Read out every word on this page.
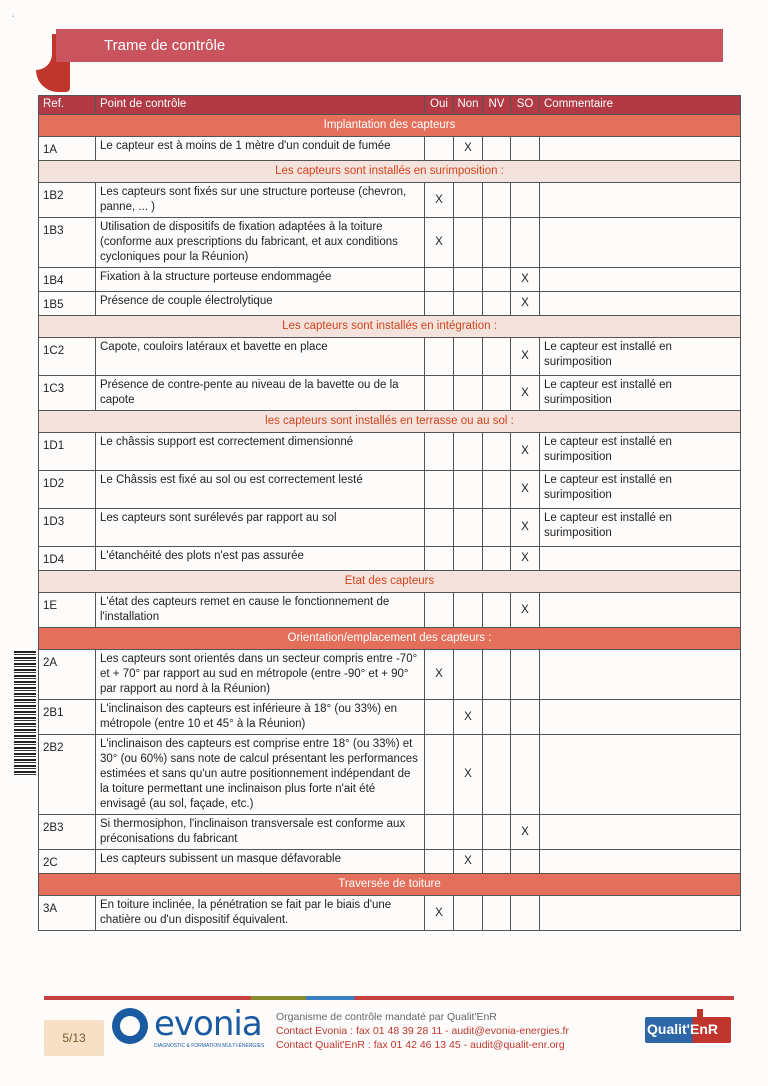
ʻ
Trame de contrôle
Ref.	Point de contrôle	Oui	Non	NV	SO	Commentaire
Implantation des capteurs						
1A	Le capteur est à moins de 1 mètre d'un conduit de fumée		X			
Les capteurs sont installés en surimposition :						
1B2	Les capteurs sont fixés sur une structure porteuse (chevron, panne, ... )	X				
1B3	Utilisation de dispositifs de fixation adaptées à la toiture (conforme aux prescriptions du fabricant, et aux conditions cycloniques pour la Réunion)	X				
1B4	Fixation à la structure porteuse endommagée				X	
1B5	Présence de couple électrolytique				X	
Les capteurs sont installés en intégration :						
1C2	Capote, couloirs latéraux et bavette en place				X	Le capteur est installé en surimposition
1C3	Présence de contre-pente au niveau de la bavette ou de la capote				X	Le capteur est installé en surimposition
les capteurs sont installés en terrasse ou au sol :						
1D1	Le châssis support est correctement dimensionné				X	Le capteur est installé en surimposition
1D2	Le Châssis est fixé au sol ou est correctement lesté				X	Le capteur est installé en surimposition
1D3	Les capteurs sont surélevés par rapport au sol				X	Le capteur est installé en surimposition
1D4	L'étanchéité des plots n'est pas assurée				X	
Etat des capteurs						
1E	L'état des capteurs remet en cause le fonctionnement de l'installation				X	
Orientation/emplacement des capteurs :						
2A	Les capteurs sont orientés dans un secteur compris entre -70° et + 70° par rapport au sud en métropole (entre -90° et + 90° par rapport au nord à la Réunion)	X				
2B1	L'inclinaison des capteurs est inférieure à 18° (ou 33%) en métropole (entre 10 et 45° à la Réunion)		X			
2B2	L'inclinaison des capteurs est comprise entre 18° (ou 33%) et 30° (ou 60%) sans note de calcul présentant les performances estimées et sans qu'un autre positionnement indépendant de la toiture permettant une inclinaison plus forte n'ait été envisagé (au sol, façade, etc.)		X			
2B3	Si thermosiphon, l'inclinaison transversale est conforme aux préconisations du fabricant				X	
2C	Les capteurs subissent un masque défavorable		X			
Traversée de toiture						
3A	En toiture inclinée, la pénétration se fait par le biais d'une chatière ou d'un dispositif équivalent.	X				
5/13	evonia
DIAGNOSTIC & FORMATION MULTI-ÉNERGIES
Organisme de contrôle mandaté par Qualit'EnR
Contact Evonia : fax 01 48 39 28 11 - audit@evonia-energies.fr
Contact Qualit'EnR : fax 01 42 46 13 45 - audit@qualit-enr.org
Qualit'EnR
